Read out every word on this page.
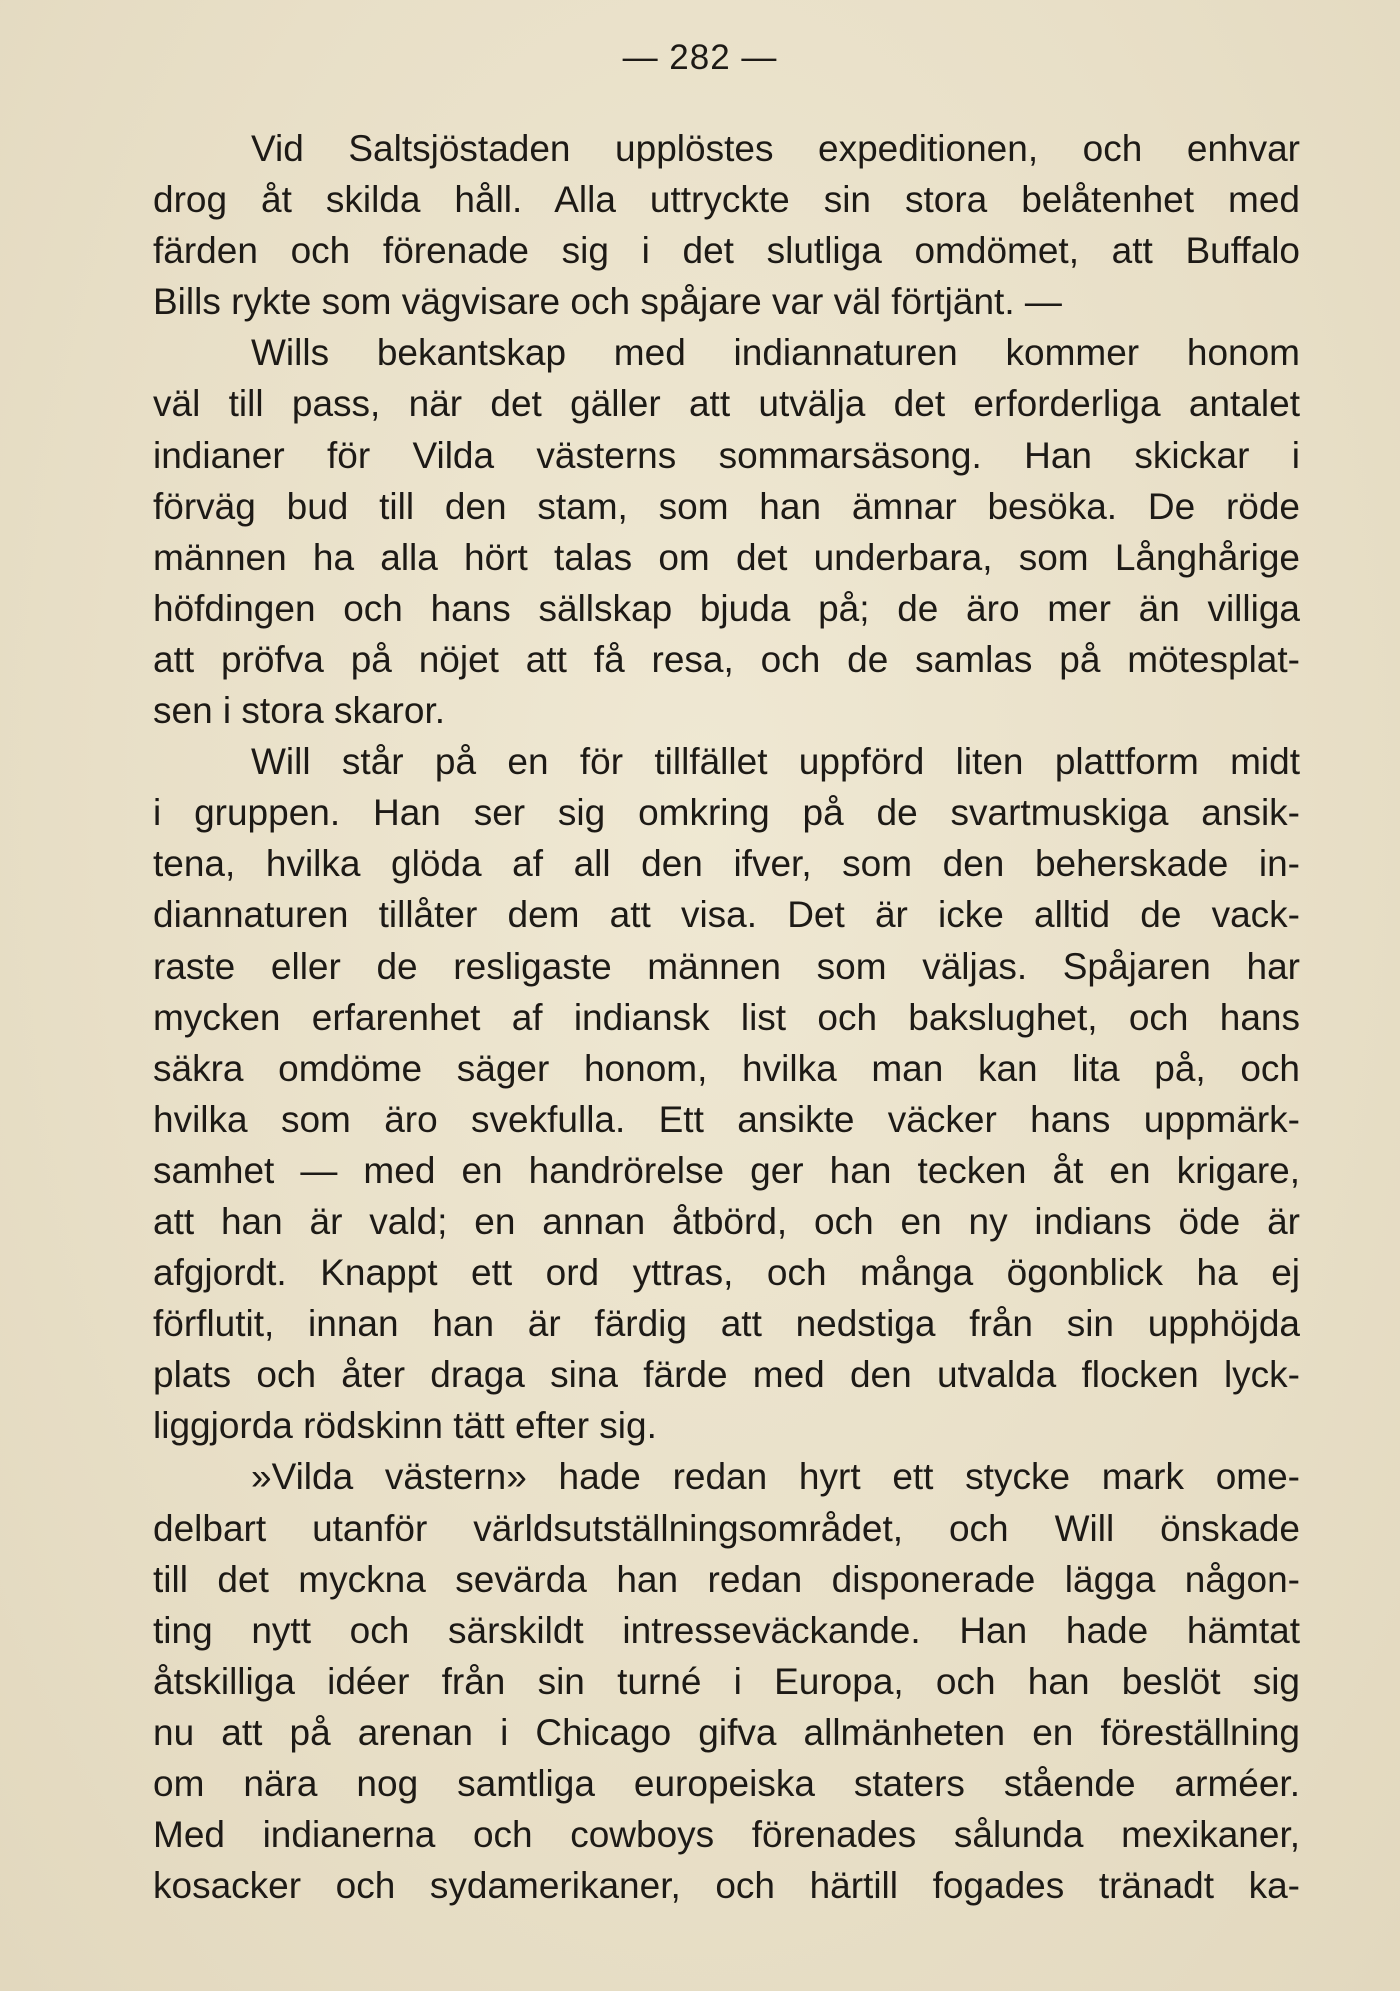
— 282 —
Vid Saltsjöstaden upplöstes expeditionen, och enhvar
drog åt skilda håll. Alla uttryckte sin stora belåtenhet med
färden och förenade sig i det slutliga omdömet, att Buffalo
Bills rykte som vägvisare och spåjare var väl förtjänt. —
Wills bekantskap med indiannaturen kommer honom
väl till pass, när det gäller att utvälja det erforderliga antalet
indianer för Vilda västerns sommarsäsong. Han skickar i
förväg bud till den stam, som han ämnar besöka. De röde
männen ha alla hört talas om det underbara, som Långhårige
höfdingen och hans sällskap bjuda på; de äro mer än villiga
att pröfva på nöjet att få resa, och de samlas på mötesplat-
sen i stora skaror.
Will står på en för tillfället uppförd liten plattform midt
i gruppen. Han ser sig omkring på de svartmuskiga ansik-
tena, hvilka glöda af all den ifver, som den beherskade in-
diannaturen tillåter dem att visa. Det är icke alltid de vack-
raste eller de resligaste männen som väljas. Spåjaren har
mycken erfarenhet af indiansk list och bakslughet, och hans
säkra omdöme säger honom, hvilka man kan lita på, och
hvilka som äro svekfulla. Ett ansikte väcker hans uppmärk-
samhet — med en handrörelse ger han tecken åt en krigare,
att han är vald; en annan åtbörd, och en ny indians öde är
afgjordt. Knappt ett ord yttras, och många ögonblick ha ej
förflutit, innan han är färdig att nedstiga från sin upphöjda
plats och åter draga sina färde med den utvalda flocken lyck-
liggjorda rödskinn tätt efter sig.
»Vilda västern» hade redan hyrt ett stycke mark ome-
delbart utanför världsutställningsområdet, och Will önskade
till det myckna sevärda han redan disponerade lägga någon-
ting nytt och särskildt intresseväckande. Han hade hämtat
åtskilliga idéer från sin turné i Europa, och han beslöt sig
nu att på arenan i Chicago gifva allmänheten en föreställning
om nära nog samtliga europeiska staters stående arméer.
Med indianerna och cowboys förenades sålunda mexikaner,
kosacker och sydamerikaner, och härtill fogades tränadt ka-
